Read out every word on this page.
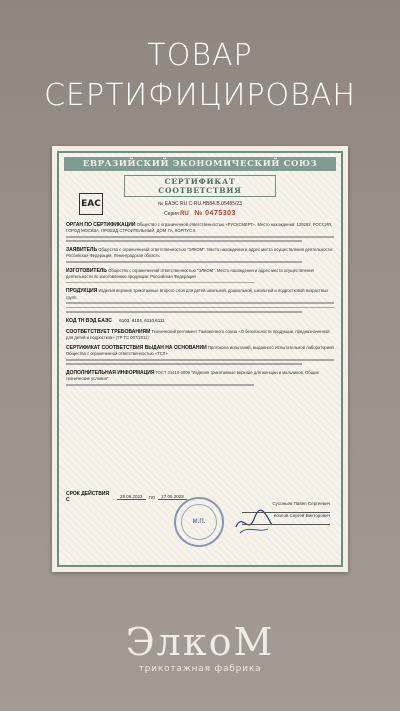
ТОВАР
СЕРТИФИЦИРОВАН
ЕВРАЗИЙСКИЙ ЭКОНОМИЧЕСКИЙ СОЮЗ
СЕРТИФИКАТ СООТВЕТСТВИЯ
EAC	№ ЕАЭС RU C-RU.НВ84.В.05485/23
Серия RU № 0475303
ОРГАН ПО СЕРТИФИКАЦИИ Общество с ограниченной ответственностью «РУСКСМЕРТ». Место нахождения: 129282, РОССИЯ, ГОРОД МОСКВА, ПРОЕЗД СТРОИТЕЛЬНЫЙ, ДОМ 7А, КОРПУС 6
ЗАЯВИТЕЛЬ Общество с ограниченной ответственностью "ЭЛКОМ". Место нахождения и адрес места осуществления деятельности: Российская Федерация, Ленинградская область
ИЗГОТОВИТЕЛЬ Общество с ограниченной ответственностью "ЭЛКОМ". Место нахождения и адрес места осуществления деятельности по изготовлению продукции: Российская Федерация
ПРОДУКЦИЯ Изделия верхние трикотажные второго слоя для детей школьной, дошкольной, школьной и подростковой возрастных групп
КОД ТН ВЭД ЕАЭС 6103, 6104, 6110,6111
СООТВЕТСТВУЕТ ТРЕБОВАНИЯМ Технический регламент Таможенного союза «О безопасности продукции, предназначенной для детей и подростков» (ТР ТС 007/2011)
СЕРТИФИКАТ СООТВЕТСТВИЯ ВЫДАН НА ОСНОВАНИИ Протокола испытаний, выданного Испытательной лабораторией Общества с ограниченной ответственностью «ТСЛ»
ДОПОЛНИТЕЛЬНАЯ ИНФОРМАЦИЯ ГОСТ 31410-2009 "Изделия трикотажные верхние для женщин и мальчиков. Общие технические условия"
СРОК ДЕЙСТВИЯ С
28.06.2023	ПО	27.06.2028
М.П.
Сусоньев Павел Сергеевич
Козлов Сергей Викторович
ЭлкоМ
трикотажная фабрика
